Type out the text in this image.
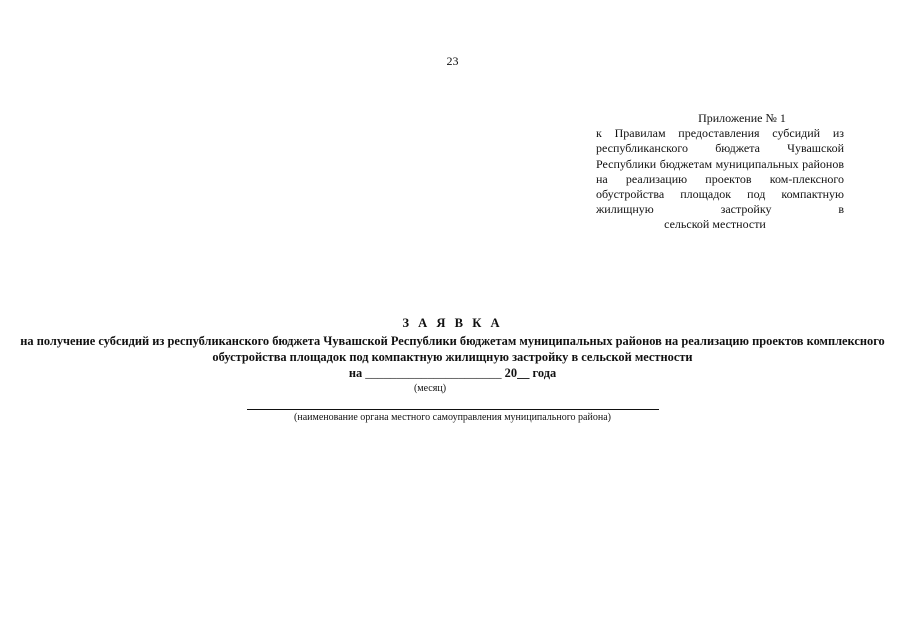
23
Приложение № 1
к Правилам предоставления субсидий из республиканского бюджета Чувашской Республики бюджетам муниципальных районов на реализацию проектов ком-плексного обустройства площадок под компактную жилищную застройку в
сельской местности
З А Я В К А
на получение субсидий из республиканского бюджета Чувашской Республики бюджетам муниципальных районов на реализацию проектов комплексного обустройства площадок под компактную жилищную застройку в сельской местности
на ______________________ 20__ года
(месяц)
(наименование органа местного самоуправления муниципального района)
